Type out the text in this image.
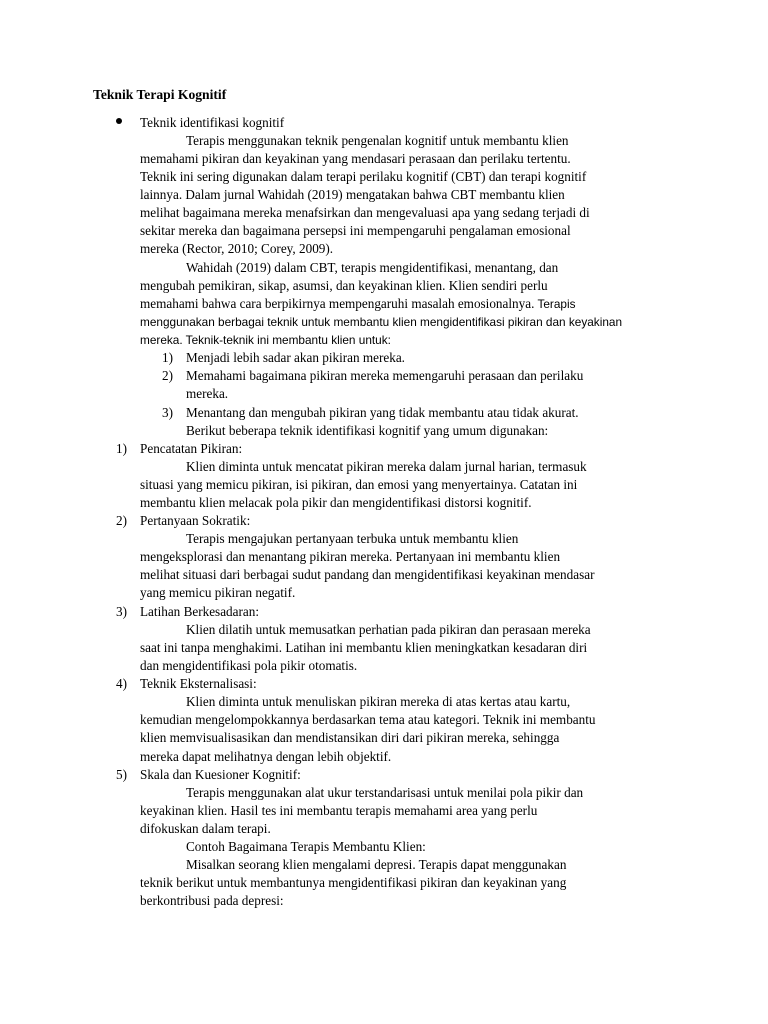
Teknik Terapi Kognitif
Teknik identifikasi kognitif
Terapis menggunakan teknik pengenalan kognitif untuk membantu klien
memahami pikiran dan keyakinan yang mendasari perasaan dan perilaku tertentu.
Teknik ini sering digunakan dalam terapi perilaku kognitif (CBT) dan terapi kognitif
lainnya. Dalam jurnal Wahidah (2019) mengatakan bahwa CBT membantu klien
melihat bagaimana mereka menafsirkan dan mengevaluasi apa yang sedang terjadi di
sekitar mereka dan bagaimana persepsi ini mempengaruhi pengalaman emosional
mereka (Rector, 2010; Corey, 2009).
Wahidah (2019) dalam CBT, terapis mengidentifikasi, menantang, dan
mengubah pemikiran, sikap, asumsi, dan keyakinan klien. Klien sendiri perlu
memahami bahwa cara berpikirnya mempengaruhi masalah emosionalnya. Terapis
menggunakan berbagai teknik untuk membantu klien mengidentifikasi pikiran dan keyakinan
mereka. Teknik-teknik ini membantu klien untuk:
1) Menjadi lebih sadar akan pikiran mereka.
2) Memahami bagaimana pikiran mereka memengaruhi perasaan dan perilaku
mereka.
3) Menantang dan mengubah pikiran yang tidak membantu atau tidak akurat.
Berikut beberapa teknik identifikasi kognitif yang umum digunakan:
1) Pencatatan Pikiran:
Klien diminta untuk mencatat pikiran mereka dalam jurnal harian, termasuk
situasi yang memicu pikiran, isi pikiran, dan emosi yang menyertainya. Catatan ini
membantu klien melacak pola pikir dan mengidentifikasi distorsi kognitif.
2) Pertanyaan Sokratik:
Terapis mengajukan pertanyaan terbuka untuk membantu klien
mengeksplorasi dan menantang pikiran mereka. Pertanyaan ini membantu klien
melihat situasi dari berbagai sudut pandang dan mengidentifikasi keyakinan mendasar
yang memicu pikiran negatif.
3) Latihan Berkesadaran:
Klien dilatih untuk memusatkan perhatian pada pikiran dan perasaan mereka
saat ini tanpa menghakimi. Latihan ini membantu klien meningkatkan kesadaran diri
dan mengidentifikasi pola pikir otomatis.
4) Teknik Eksternalisasi:
Klien diminta untuk menuliskan pikiran mereka di atas kertas atau kartu,
kemudian mengelompokkannya berdasarkan tema atau kategori. Teknik ini membantu
klien memvisualisasikan dan mendistansikan diri dari pikiran mereka, sehingga
mereka dapat melihatnya dengan lebih objektif.
5) Skala dan Kuesioner Kognitif:
Terapis menggunakan alat ukur terstandarisasi untuk menilai pola pikir dan
keyakinan klien. Hasil tes ini membantu terapis memahami area yang perlu
difokuskan dalam terapi.
Contoh Bagaimana Terapis Membantu Klien:
Misalkan seorang klien mengalami depresi. Terapis dapat menggunakan
teknik berikut untuk membantunya mengidentifikasi pikiran dan keyakinan yang
berkontribusi pada depresi:
